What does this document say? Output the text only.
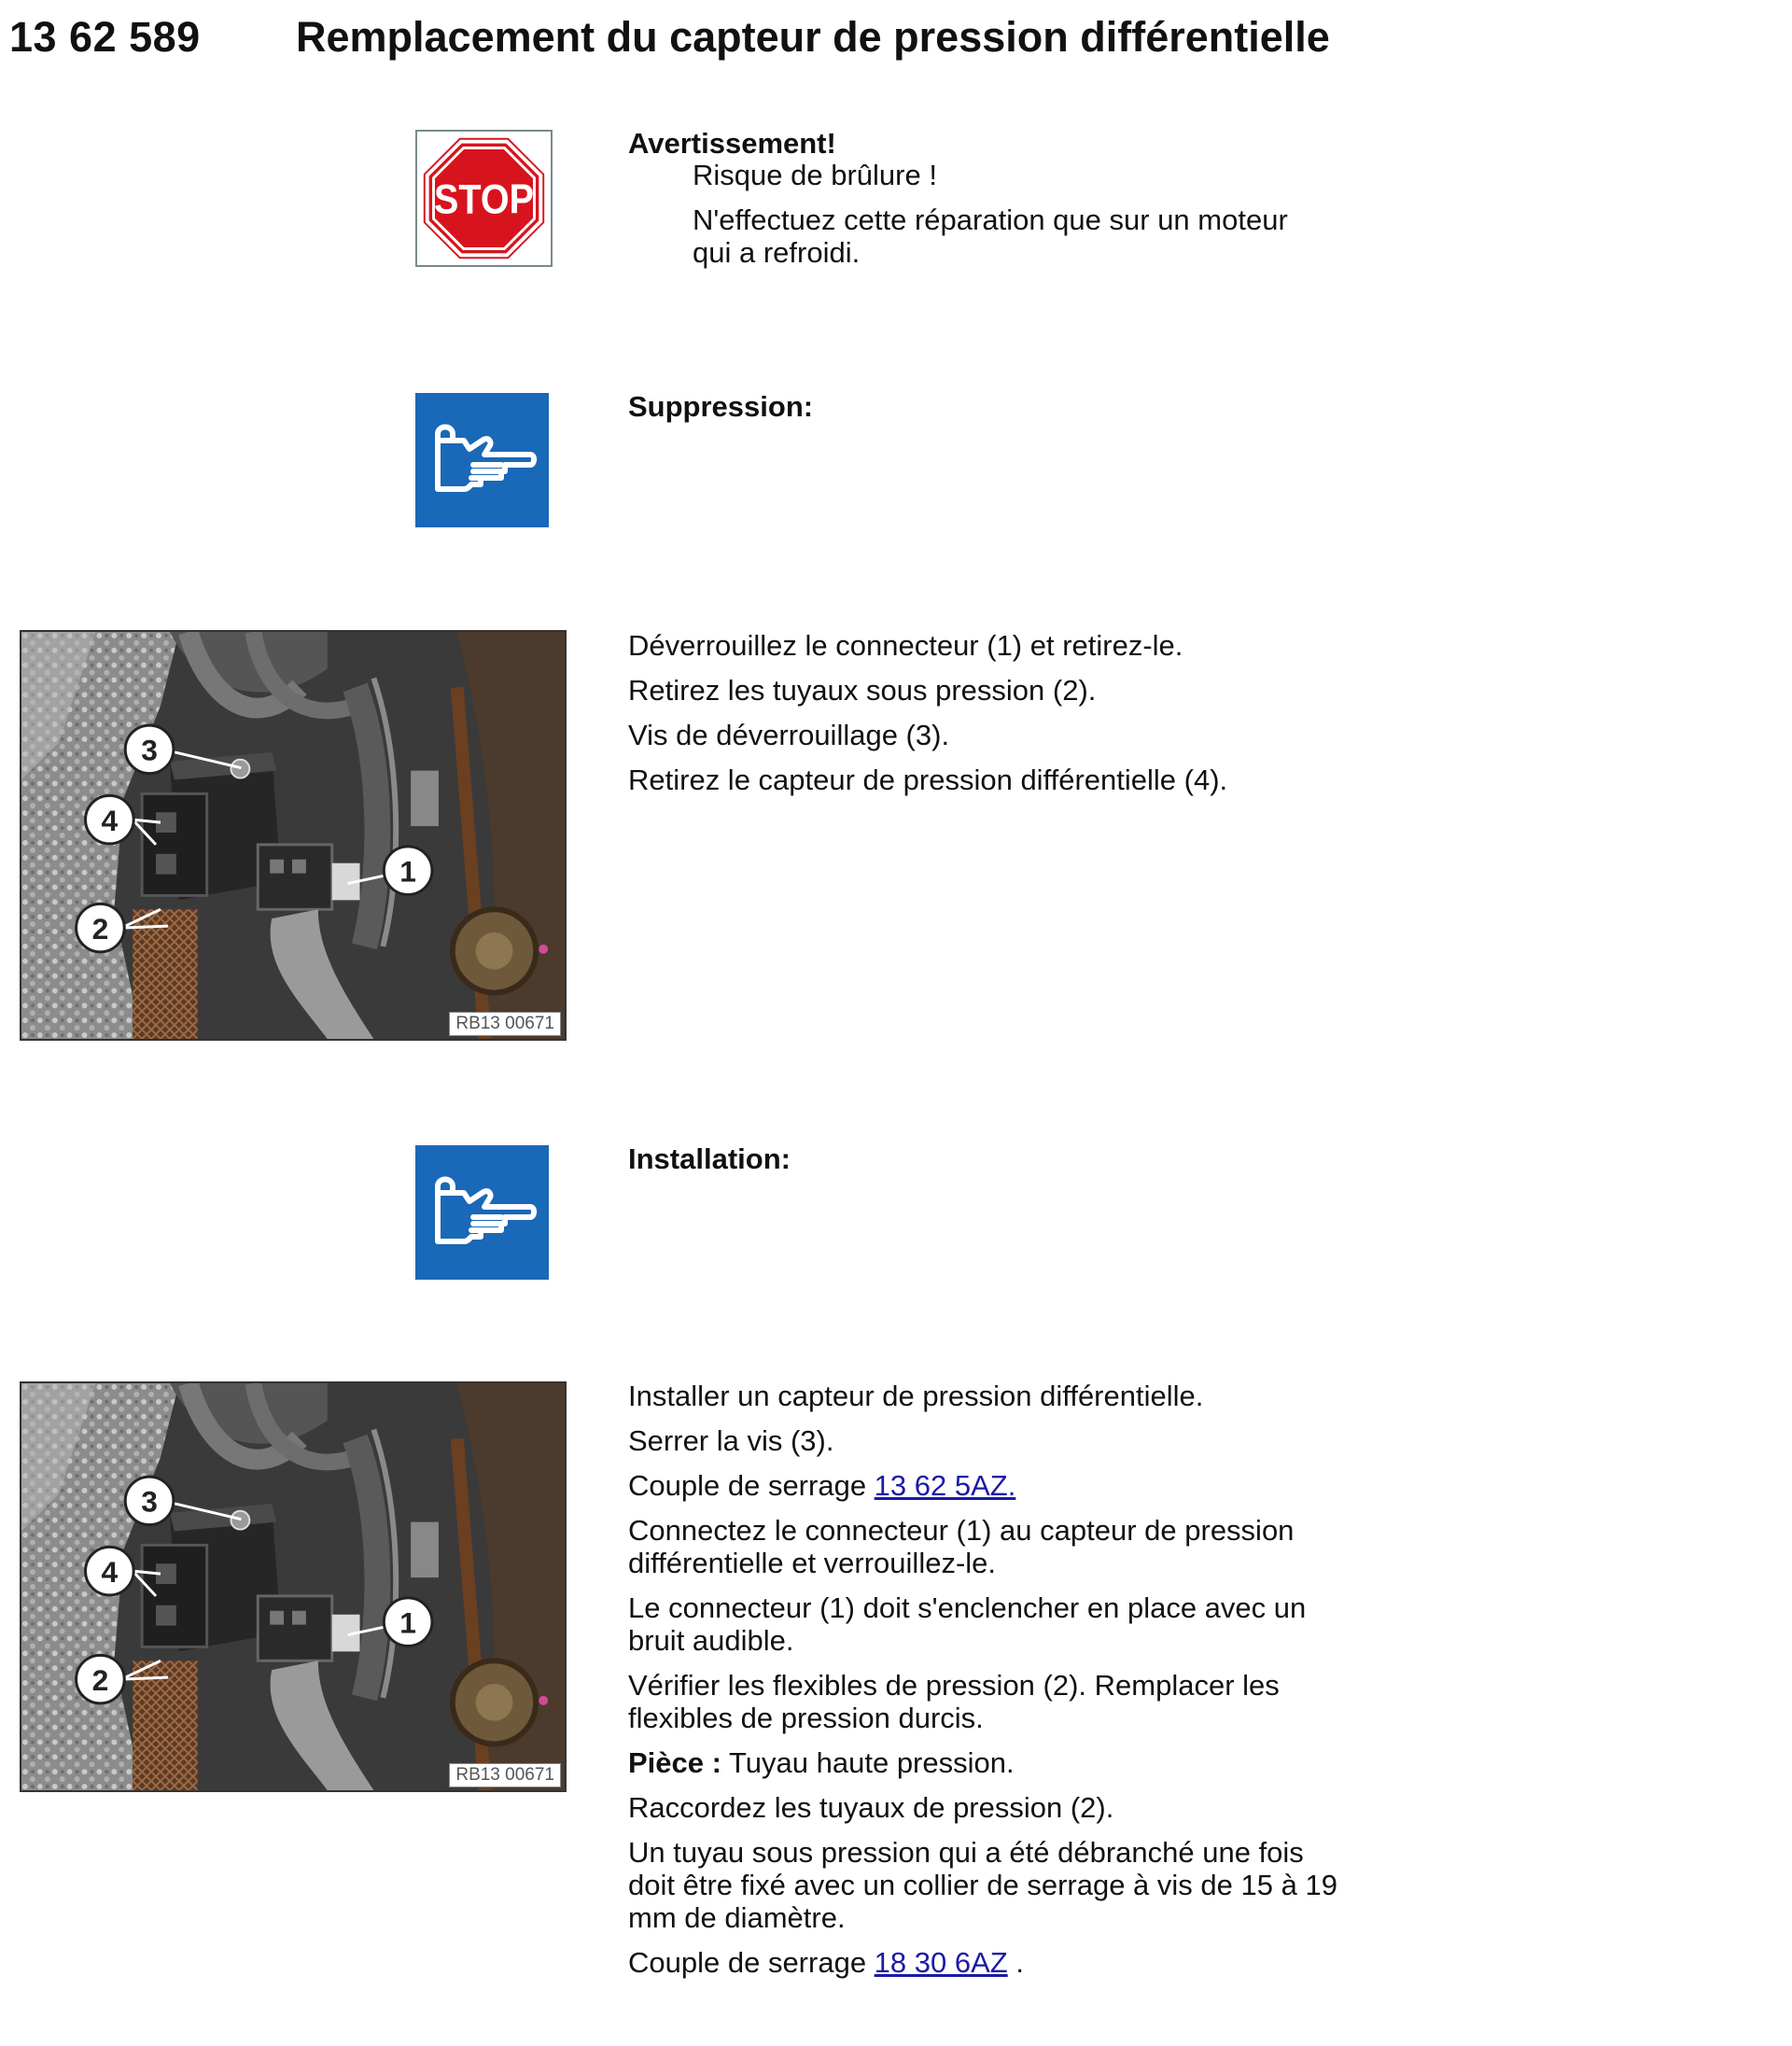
13 62 589 Remplacement du capteur de pression différentielle
STOP
Avertissement!
Risque de brûlure !
N'effectuez cette réparation que sur un moteur qui a refroidi.
Suppression:
3
4
2
1
RB13 00671

Déverrouillez le connecteur (1) et retirez-le.

Retirez les tuyaux sous pression (2).

Vis de déverrouillage (3).

Retirez le capteur de pression différentielle (4).

Installation:
3
4
2
1
RB13 00671

Installer un capteur de pression différentielle.

Serrer la vis (3).

Couple de serrage 13 62 5AZ.

Connectez le connecteur (1) au capteur de pression différentielle et verrouillez-le.

Le connecteur (1) doit s'enclencher en place avec un bruit audible.

Vérifier les flexibles de pression (2). Remplacer les flexibles de pression durcis.

Pièce : Tuyau haute pression.

Raccordez les tuyaux de pression (2).

Un tuyau sous pression qui a été débranché une fois doit être fixé avec un collier de serrage à vis de 15 à 19 mm de diamètre.

Couple de serrage 18 30 6AZ .
